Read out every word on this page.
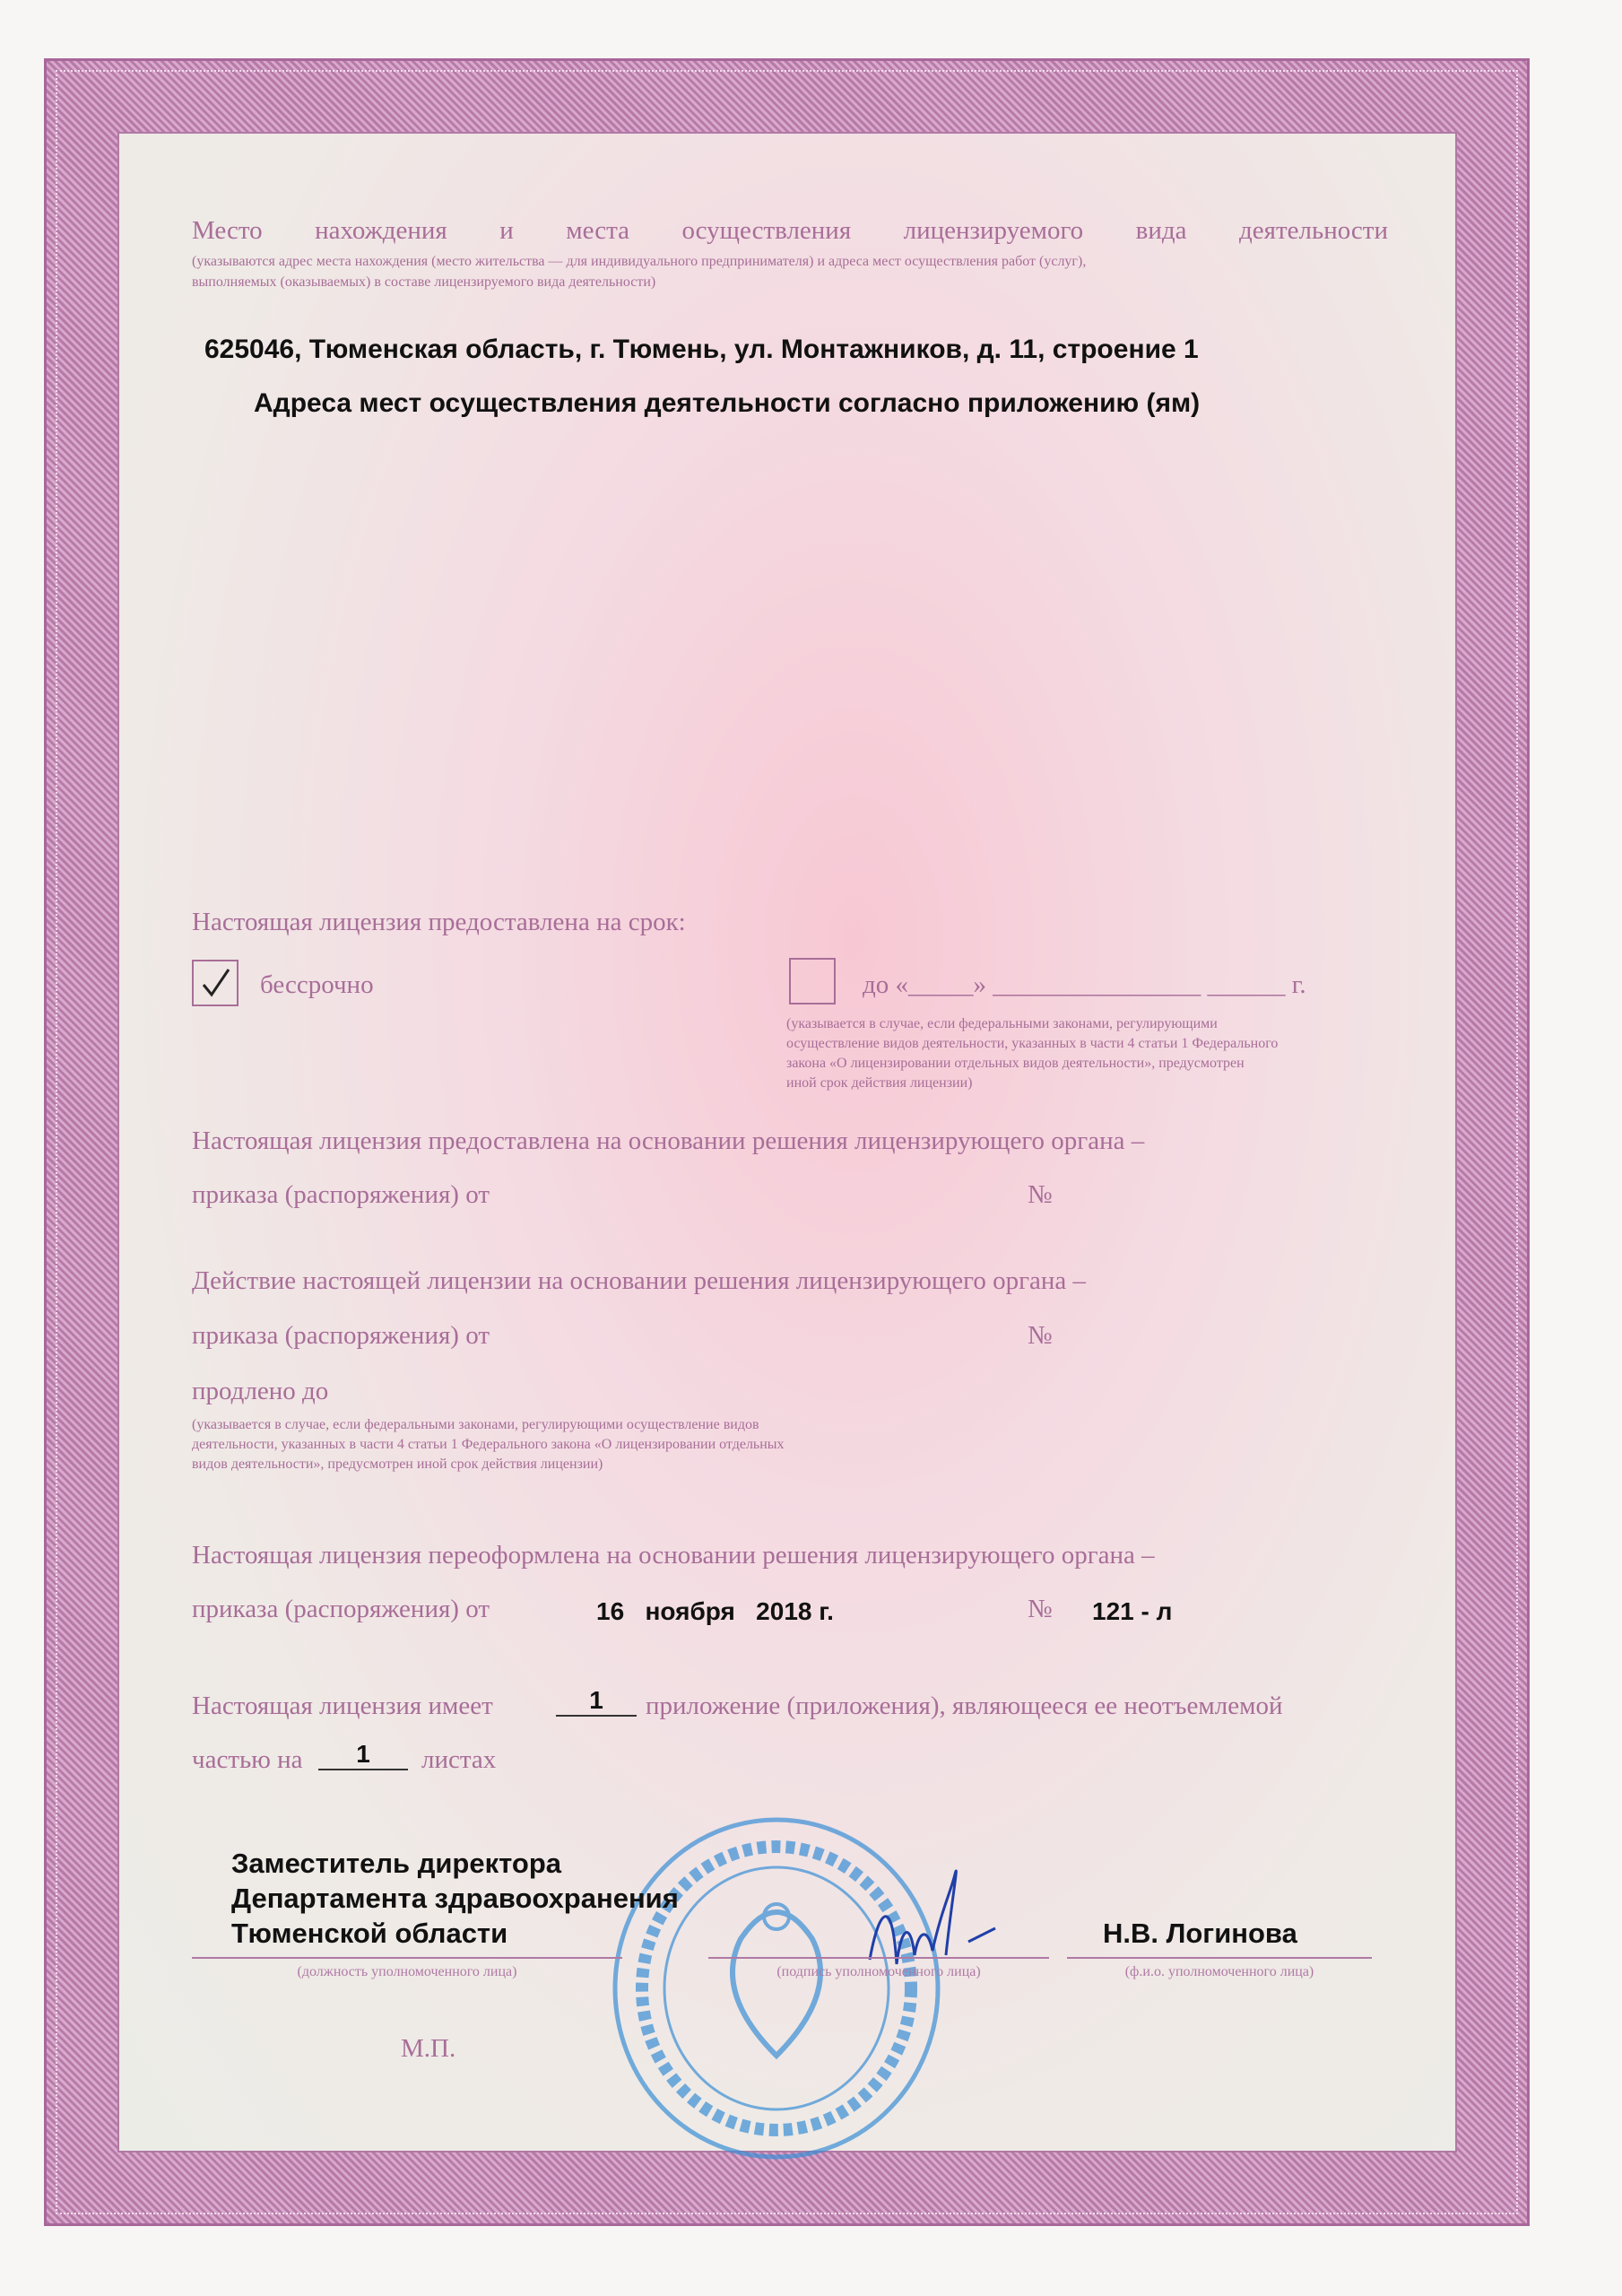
Место нахождения и места осуществления лицензируемого вида деятельности
(указываются адрес места нахождения (место жительства — для индивидуального предпринимателя) и адреса мест осуществления работ (услуг),
выполняемых (оказываемых) в составе лицензируемого вида деятельности)
625046, Тюменская область, г. Тюмень, ул. Монтажников, д. 11, строение 1
Адреса мест осуществления деятельности согласно приложению (ям)
Настоящая лицензия предоставлена на срок:
бессрочно	до «_____» ________________ ______ г.
(указывается в случае, если федеральными законами, регулирующими
осуществление видов деятельности, указанных в части 4 статьи 1 Федерального
закона «О лицензировании отдельных видов деятельности», предусмотрен
иной срок действия лицензии)
Настоящая лицензия предоставлена на основании решения лицензирующего органа –
приказа (распоряжения) от	№
Действие настоящей лицензии на основании решения лицензирующего органа –
приказа (распоряжения) от	№
продлено до
(указывается в случае, если федеральными законами, регулирующими осуществление видов
деятельности, указанных в части 4 статьи 1 Федерального закона «О лицензировании отдельных
видов деятельности», предусмотрен иной срок действия лицензии)
Настоящая лицензия переоформлена на основании решения лицензирующего органа –
приказа (распоряжения) от	16   ноября   2018 г.	№ 121 - л
Настоящая лицензия имеет	1	приложение (приложения), являющееся ее неотъемлемой
частью на	1	листах
Заместитель директора
Департамента здравоохранения
Тюменской области	Н.В. Логинова
(должность уполномоченного лица)	(подпись уполномоченного лица)	(ф.и.о. уполномоченного лица)
М.П.
